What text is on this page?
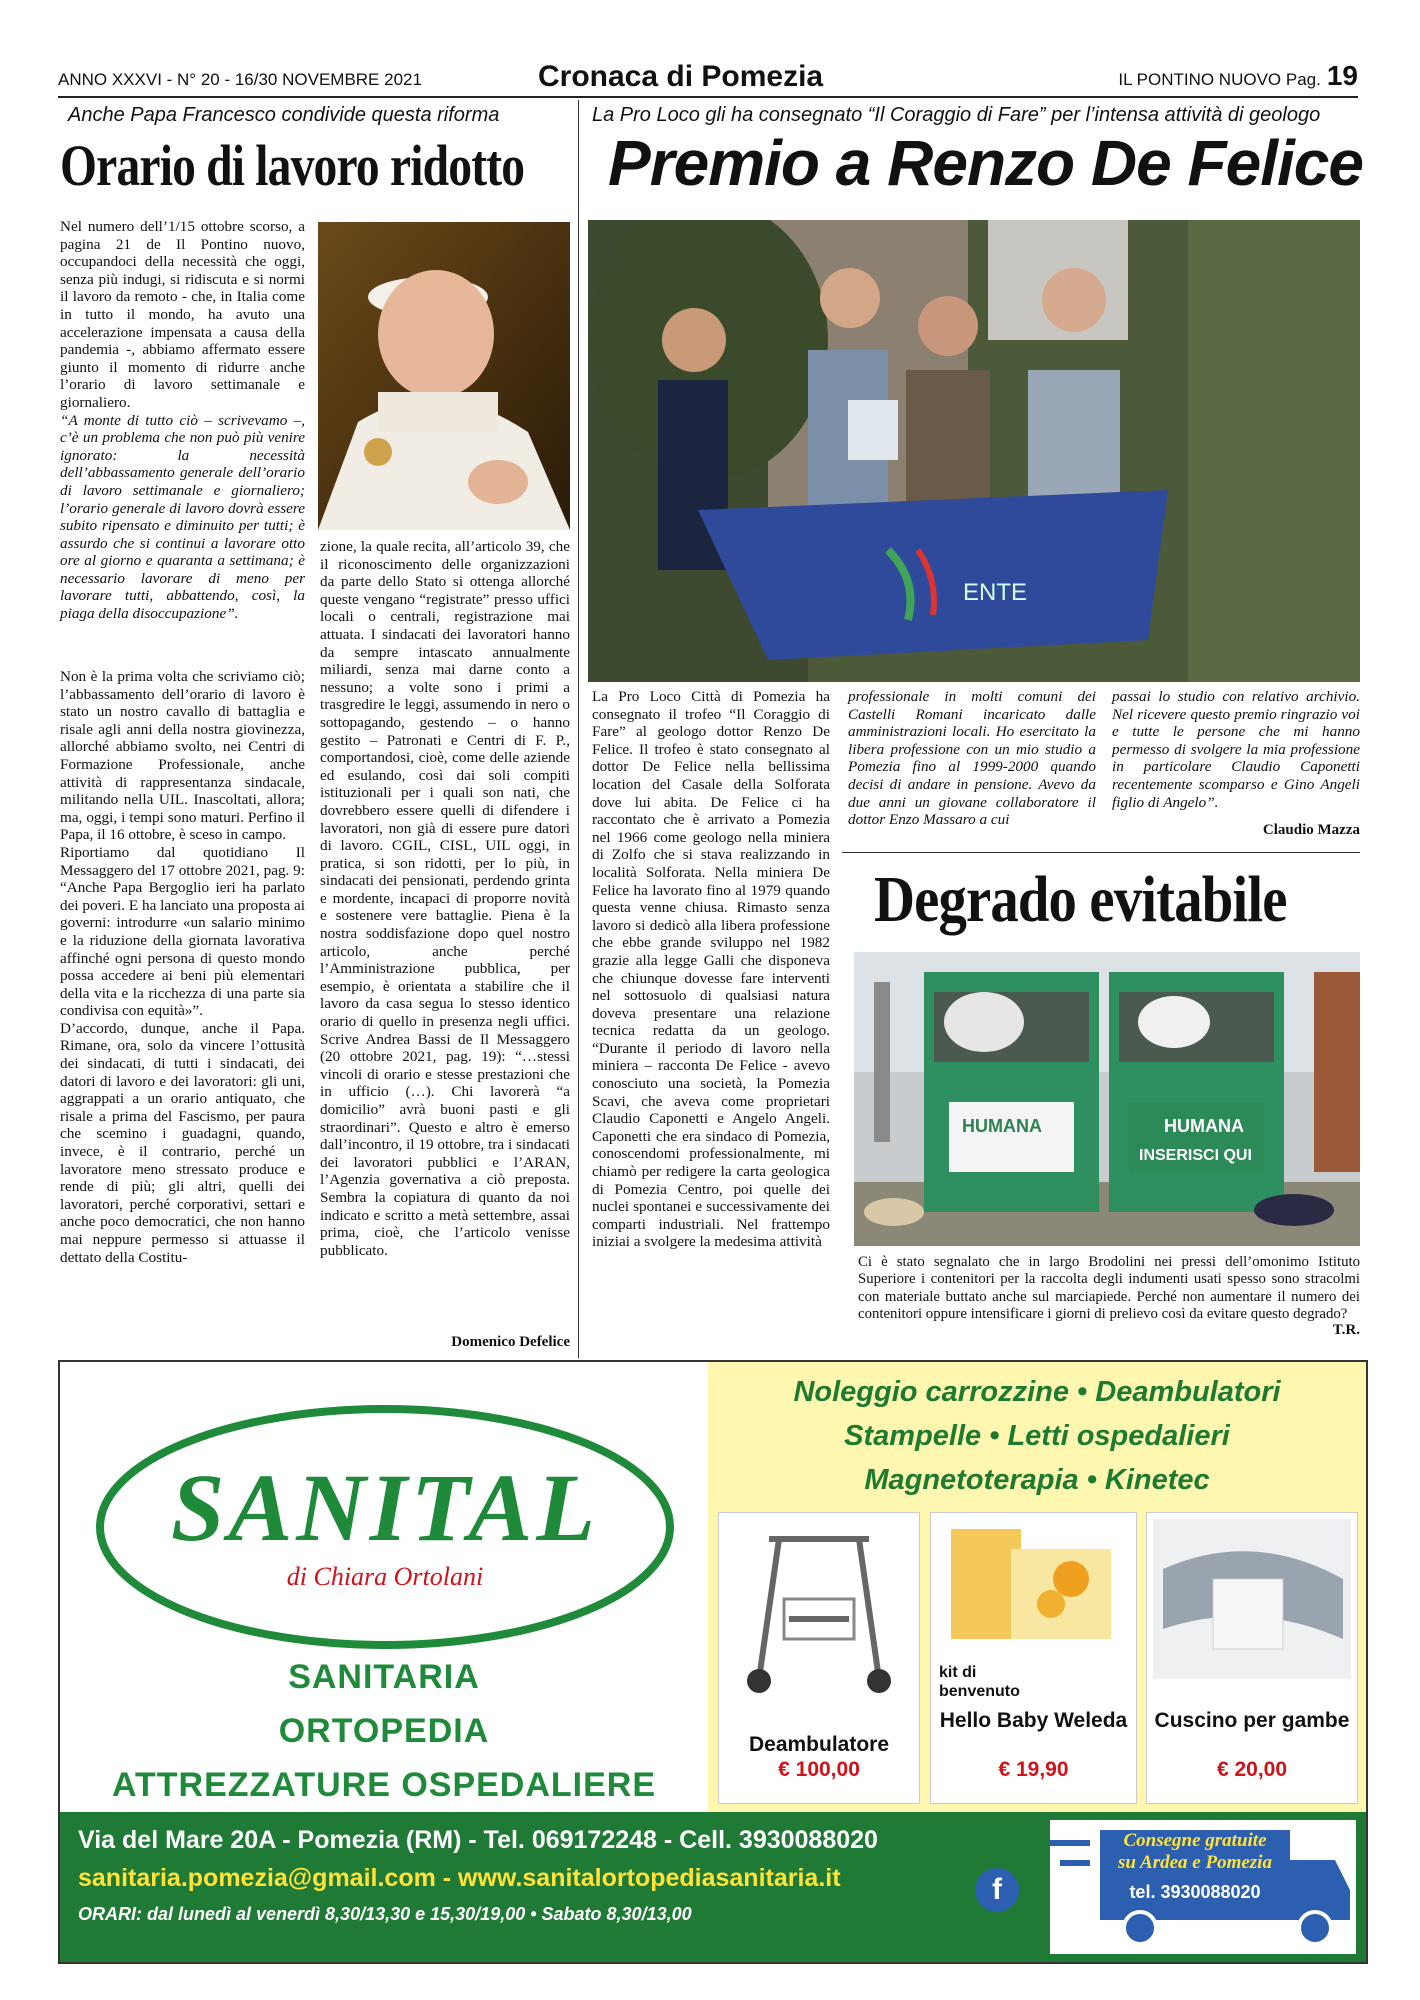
ANNO XXXVI - N° 20 - 16/30 NOVEMBRE 2021	Cronaca di Pomezia	IL PONTINO NUOVO Pag. 19
Anche Papa Francesco condivide questa riforma
Orario di lavoro ridotto

Nel numero dell’1/15 ottobre scorso, a pagina 21 de Il Pontino nuovo, occupandoci della necessità che oggi, senza più indugi, si ridiscuta e si normi il lavoro da remoto - che, in Italia come in tutto il mondo, ha avuto una accelerazione impensata a causa della pandemia -, abbiamo affermato essere giunto il momento di ridurre anche l’orario di lavoro settimanale e giornaliero.

“A monte di tutto ciò – scrivevamo –, c’è un problema che non può più venire ignorato: la necessità dell’abbassamento generale dell’orario di lavoro settimanale e giornaliero; l’orario generale di lavoro dovrà essere subito ripensato e diminuito per tutti; è assurdo che si continui a lavorare otto ore al giorno e quaranta a settimana; è necessario lavorare di meno per lavorare tutti, abbattendo, così, la piaga della disoccupazione”.

Non è la prima volta che scriviamo ciò; l’abbassamento dell’orario di lavoro è stato un nostro cavallo di battaglia e risale agli anni della nostra giovinezza, allorché abbiamo svolto, nei Centri di Formazione Professionale, anche attività di rappresentanza sindacale, militando nella UIL. Inascoltati, allora; ma, oggi, i tempi sono maturi. Perfino il Papa, il 16 ottobre, è sceso in campo.

Riportiamo dal quotidiano Il Messaggero del 17 ottobre 2021, pag. 9: “Anche Papa Bergoglio ieri ha parlato dei poveri. E ha lanciato una proposta ai governi: introdurre «un salario minimo e la riduzione della giornata lavorativa affinché ogni persona di questo mondo possa accedere ai beni più elementari della vita e la ricchezza di una parte sia condivisa con equità»”.

D’accordo, dunque, anche il Papa. Rimane, ora, solo da vincere l’ottusità dei sindacati, di tutti i sindacati, dei datori di lavoro e dei lavoratori: gli uni, aggrappati a un orario antiquato, che risale a prima del Fascismo, per paura che scemino i guadagni, quando, invece, è il contrario, perché un lavoratore meno stressato produce e rende di più; gli altri, quelli dei lavoratori, perché corporativi, settari e anche poco democratici, che non hanno mai neppure permesso si attuasse il dettato della Costitu-

zione, la quale recita, all’articolo 39, che il riconoscimento delle organizzazioni da parte dello Stato si ottenga allorché queste vengano “registrate” presso uffici locali o centrali, registrazione mai attuata. I sindacati dei lavoratori hanno da sempre intascato annualmente miliardi, senza mai darne conto a nessuno; a volte sono i primi a trasgredire le leggi, assumendo in nero o sottopagando, gestendo – o hanno gestito – Patronati e Centri di F. P., comportandosi, cioè, come delle aziende ed esulando, così dai soli compiti istituzionali per i quali son nati, che dovrebbero essere quelli di difendere i lavoratori, non già di essere pure datori di lavoro. CGIL, CISL, UIL oggi, in pratica, si son ridotti, per lo più, in sindacati dei pensionati, perdendo grinta e mordente, incapaci di proporre novità e sostenere vere battaglie. Piena è la nostra soddisfazione dopo quel nostro articolo, anche perché l’Amministrazione pubblica, per esempio, è orientata a stabilire che il lavoro da casa segua lo stesso identico orario di quello in presenza negli uffici. Scrive Andrea Bassi de Il Messaggero (20 ottobre 2021, pag. 19): “…stessi vincoli di orario e stesse prestazioni che in ufficio (…). Chi lavorerà “a domicilio” avrà buoni pasti e gli straordinari”. Questo e altro è emerso dall’incontro, il 19 ottobre, tra i sindacati dei lavoratori pubblici e l’ARAN, l’Agenzia governativa a ciò preposta. Sembra la copiatura di quanto da noi indicato e scritto a metà settembre, assai prima, cioè, che l’articolo venisse pubblicato.

Domenico Defelice
La Pro Loco gli ha consegnato “Il Coraggio di Fare” per l’intensa attività di geologo
Premio a Renzo De Felice
ENTE

La Pro Loco Città di Pomezia ha consegnato il trofeo “Il Coraggio di Fare” al geologo dottor Renzo De Felice. Il trofeo è stato consegnato al dottor De Felice nella bellissima location del Casale della Solforata dove lui abita. De Felice ci ha raccontato che è arrivato a Pomezia nel 1966 come geologo nella miniera di Zolfo che si stava realizzando in località Solforata. Nella miniera De Felice ha lavorato fino al 1979 quando questa venne chiusa. Rimasto senza lavoro si dedicò alla libera professione che ebbe grande sviluppo nel 1982 grazie alla legge Galli che disponeva che chiunque dovesse fare interventi nel sottosuolo di qualsiasi natura doveva presentare una relazione tecnica redatta da un geologo. “Durante il periodo di lavoro nella miniera – racconta De Felice - avevo conosciuto una società, la Pomezia Scavi, che aveva come proprietari Claudio Caponetti e Angelo Angeli. Caponetti che era sindaco di Pomezia, conoscendomi professionalmente, mi chiamò per redigere la carta geologica di Pomezia Centro, poi quelle dei nuclei spontanei e successivamente dei comparti industriali. Nel frattempo iniziai a svolgere la medesima attività

professionale in molti comuni dei Castelli Romani incaricato dalle amministrazioni locali. Ho esercitato la libera professione con un mio studio a Pomezia fino al 1999-2000 quando decisi di andare in pensione. Avevo da due anni un giovane collaboratore il dottor Enzo Massaro a cui

passai lo studio con relativo archivio. Nel ricevere questo premio ringrazio voi e tutte le persone che mi hanno permesso di svolgere la mia professione in particolare Claudio Caponetti recentemente scomparso e Gino Angeli figlio di Angelo”.

Claudio Mazza
Degrado evitabile
HUMANA	HUMANA
INSERISCI QUI

Ci è stato segnalato che in largo Brodolini nei pressi dell’omonimo Istituto Superiore i contenitori per la raccolta degli indumenti usati spesso sono stracolmi con materiale buttato anche sul marciapiede. Perché non aumentare il numero dei contenitori oppure intensificare i giorni di prelievo così da evitare questo degrado?

T.R.
SANITAL
di Chiara Ortolani
SANITARIA
ORTOPEDIA
ATTREZZATURE OSPEDALIERE
Noleggio carrozzine • Deambulatori
Stampelle • Letti ospedalieri
Magnetoterapia • Kinetec
Deambulatore
€ 100,00
kit di benvenuto
Hello Baby Weleda
€ 19,90
Cuscino per gambe
€ 20,00
Via del Mare 20A - Pomezia (RM) - Tel. 069172248 - Cell. 3930088020
sanitaria.pomezia@gmail.com - www.sanitalortopediasanitaria.it
ORARI: dal lunedì al venerdì 8,30/13,30 e 15,30/19,00 • Sabato 8,30/13,00
f
Consegne gratuite
su Ardea e Pomezia
tel. 3930088020
